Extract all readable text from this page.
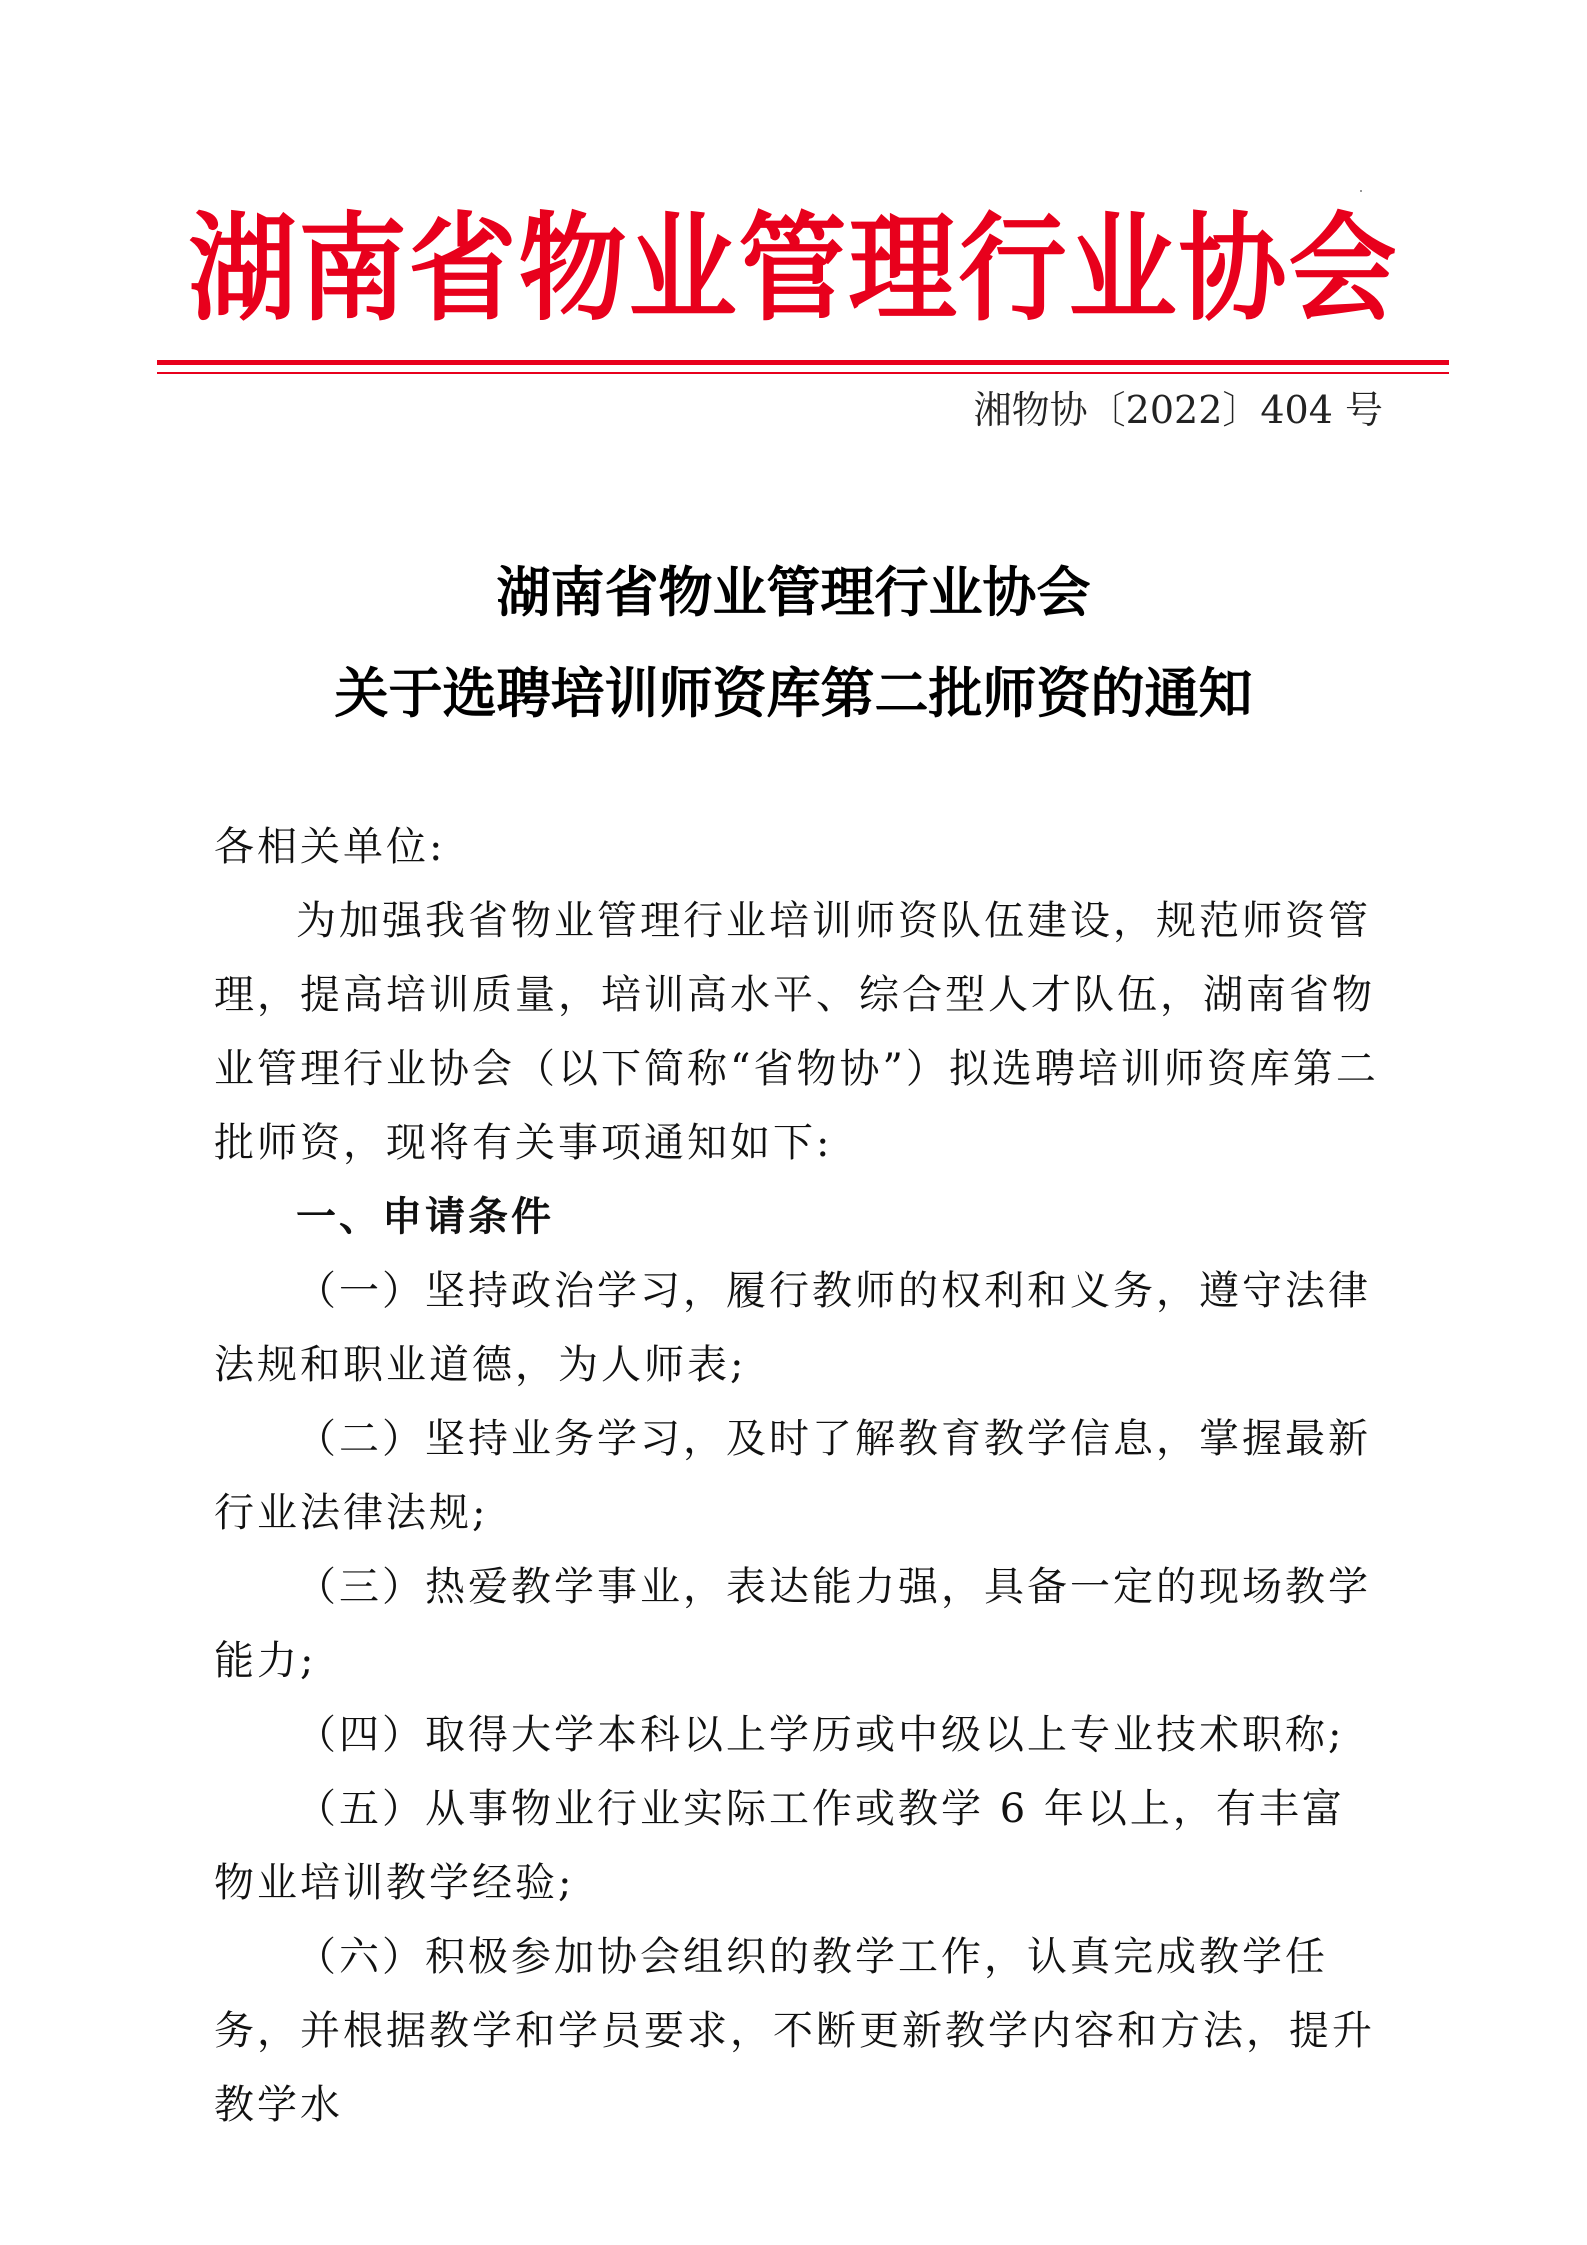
湖南省物业管理行业协会
湘物协〔2022〕404 号
湖南省物业管理行业协会
关于选聘培训师资库第二批师资的通知

各相关单位:

为加强我省物业管理行业培训师资队伍建设，规范师资管理，提高培训质量，培训高水平、综合型人才队伍，湖南省物业管理行业协会（以下简称“省物协”）拟选聘培训师资库第二批师资，现将有关事项通知如下:

一、申请条件

（一）坚持政治学习，履行教师的权利和义务，遵守法律法规和职业道德，为人师表;

（二）坚持业务学习，及时了解教育教学信息，掌握最新行业法律法规;

（三）热爱教学事业，表达能力强，具备一定的现场教学能力;

（四）取得大学本科以上学历或中级以上专业技术职称;

（五）从事物业行业实际工作或教学 6 年以上，有丰富物业培训教学经验;

（六）积极参加协会组织的教学工作，认真完成教学任务，并根据教学和学员要求，不断更新教学内容和方法，提升教学水
